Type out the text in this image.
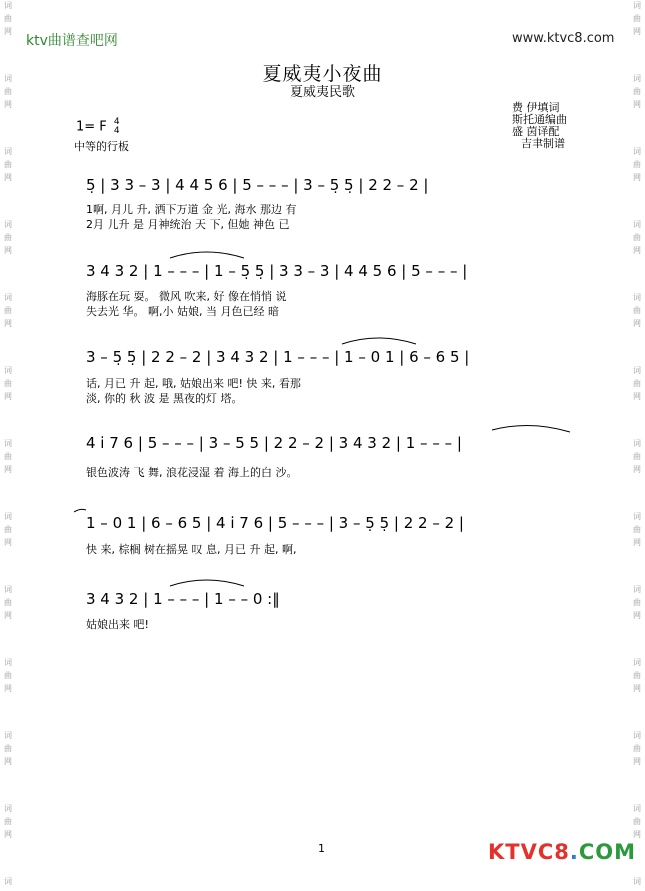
词
曲
网
词
曲
网
词
曲
网
词
曲
网
词
曲
网
词
曲
网
词
曲
网
词
曲
网
词
曲
网
词
曲
网
词
曲
网
词
曲
网
词
词
曲
网
词
曲
网
词
曲
网
词
曲
网
词
曲
网
词
曲
网
词
曲
网
词
曲
网
词
曲
网
词
曲
网
词
曲
网
词
曲
网
词
ktv曲谱查吧网	www.ktvc8.com
夏威夷小夜曲
夏威夷民歌
费 伊填词
斯托通编曲
盛 茵译配
吉聿制谱
1= F 4
4
中等的行板
5̣ | 3 3 – 3 | 4 4 5 6 | 5 – – – | 3 – 5̣ 5̣ | 2 2 – 2 |
3 4 3 2 | 1 – – – | 1 – 5̣ 5̣ | 3 3 – 3 | 4 4 5 6 | 5 – – – |
3 – 5̣ 5̣ | 2 2 – 2 | 3 4 3 2 | 1 – – – | 1 – 0 1 | 6 – 6 5 |
4 i̇ 7 6 | 5 – – – | 3 – 5 5 | 2 2 – 2 | 3 4 3 2 | 1 – – – |
1 – 0 1 | 6 – 6 5 | 4 i̇ 7 6 | 5 – – – | 3 – 5̣ 5̣ | 2 2 – 2 |
3 4 3 2 | 1 – – – | 1 – – 0 :‖
1啊, 月儿 升, 洒下万道 金 光, 海水 那边 有
2月 儿升 是 月神统治 天 下, 但她 神色 已
海豚在玩 耍。 微风 吹来, 好 像在悄悄 说
失去光 华。 啊,小 姑娘, 当 月色已经 暗
话, 月已 升 起, 哦, 姑娘出来 吧! 快 来, 看那
淡, 你的 秋 波 是 黑夜的灯 塔。
银色波涛 飞 舞, 浪花浸湿 着 海上的白 沙。
快 来, 棕榈 树在摇晃 叹 息, 月已 升 起, 啊,
姑娘出来 吧!
1	KTVC8.COM
